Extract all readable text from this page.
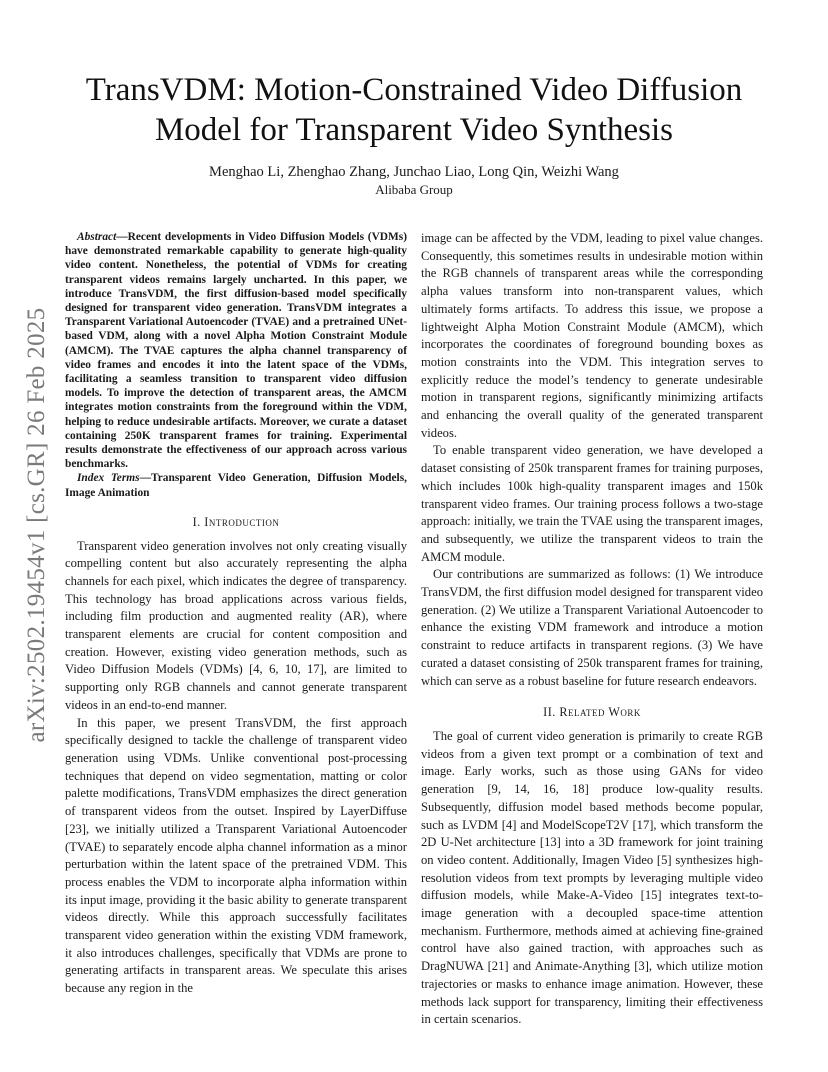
arXiv:2502.19454v1 [cs.GR] 26 Feb 2025
TransVDM: Motion-Constrained Video Diffusion
Model for Transparent Video Synthesis
Menghao Li, Zhenghao Zhang, Junchao Liao, Long Qin, Weizhi Wang
Alibaba Group

Abstract—Recent developments in Video Diffusion Models (VDMs) have demonstrated remarkable capability to generate high-quality video content. Nonetheless, the potential of VDMs for creating transparent videos remains largely uncharted. In this paper, we introduce TransVDM, the first diffusion-based model specifically designed for transparent video generation. TransVDM integrates a Transparent Variational Autoencoder (TVAE) and a pretrained UNet-based VDM, along with a novel Alpha Motion Constraint Module (AMCM). The TVAE captures the alpha channel transparency of video frames and encodes it into the latent space of the VDMs, facilitating a seamless transition to transparent video diffusion models. To improve the detection of transparent areas, the AMCM integrates motion constraints from the foreground within the VDM, helping to reduce undesirable artifacts. Moreover, we curate a dataset containing 250K transparent frames for training. Experimental results demonstrate the effectiveness of our approach across various benchmarks.

Index Terms—Transparent Video Generation, Diffusion Models, Image Animation

I. Introduction

Transparent video generation involves not only creating visually compelling content but also accurately representing the alpha channels for each pixel, which indicates the degree of transparency. This technology has broad applications across various fields, including film production and augmented reality (AR), where transparent elements are crucial for content composition and creation. However, existing video generation methods, such as Video Diffusion Models (VDMs) [4, 6, 10, 17], are limited to supporting only RGB channels and cannot generate transparent videos in an end-to-end manner.

In this paper, we present TransVDM, the first approach specifically designed to tackle the challenge of transparent video generation using VDMs. Unlike conventional post-processing techniques that depend on video segmentation, matting or color palette modifications, TransVDM emphasizes the direct generation of transparent videos from the outset. Inspired by LayerDiffuse [23], we initially utilized a Transparent Variational Autoencoder (TVAE) to separately encode alpha channel information as a minor perturbation within the latent space of the pretrained VDM. This process enables the VDM to incorporate alpha information within its input image, providing it the basic ability to generate transparent videos directly. While this approach successfully facilitates transparent video generation within the existing VDM framework, it also introduces challenges, specifically that VDMs are prone to generating artifacts in transparent areas. We speculate this arises because any region in the

image can be affected by the VDM, leading to pixel value changes. Consequently, this sometimes results in undesirable motion within the RGB channels of transparent areas while the corresponding alpha values transform into non-transparent values, which ultimately forms artifacts. To address this issue, we propose a lightweight Alpha Motion Constraint Module (AMCM), which incorporates the coordinates of foreground bounding boxes as motion constraints into the VDM. This integration serves to explicitly reduce the model’s tendency to generate undesirable motion in transparent regions, significantly minimizing artifacts and enhancing the overall quality of the generated transparent videos.

To enable transparent video generation, we have developed a dataset consisting of 250k transparent frames for training purposes, which includes 100k high-quality transparent images and 150k transparent video frames. Our training process follows a two-stage approach: initially, we train the TVAE using the transparent images, and subsequently, we utilize the transparent videos to train the AMCM module.

Our contributions are summarized as follows: (1) We introduce TransVDM, the first diffusion model designed for transparent video generation. (2) We utilize a Transparent Variational Autoencoder to enhance the existing VDM framework and introduce a motion constraint to reduce artifacts in transparent regions. (3) We have curated a dataset consisting of 250k transparent frames for training, which can serve as a robust baseline for future research endeavors.

II. Related Work

The goal of current video generation is primarily to create RGB videos from a given text prompt or a combination of text and image. Early works, such as those using GANs for video generation [9, 14, 16, 18] produce low-quality results. Subsequently, diffusion model based methods become popular, such as LVDM [4] and ModelScopeT2V [17], which transform the 2D U-Net architecture [13] into a 3D framework for joint training on video content. Additionally, Imagen Video [5] synthesizes high-resolution videos from text prompts by leveraging multiple video diffusion models, while Make-A-Video [15] integrates text-to-image generation with a decoupled space-time attention mechanism. Furthermore, methods aimed at achieving fine-grained control have also gained traction, with approaches such as DragNUWA [21] and Animate-Anything [3], which utilize motion trajectories or masks to enhance image animation. However, these methods lack support for transparency, limiting their effectiveness in certain scenarios.
